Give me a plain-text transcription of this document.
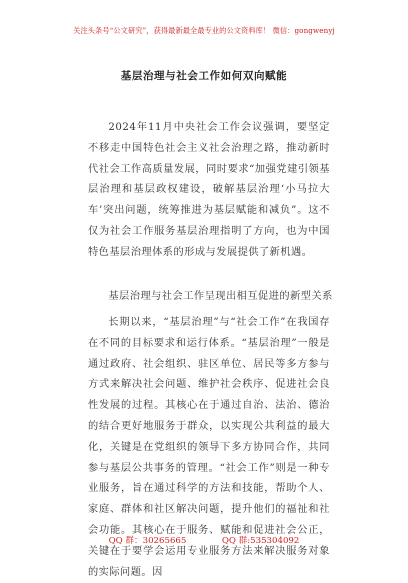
关注头条号“公文研究”，获得最新最全最专业的公文资料库！ 微信：gongwenyj
基层治理与社会工作如何双向赋能
2024年11月中央社会工作会议强调，要坚定不移走中国特色社会主义社会治理之路，推动新时代社会工作高质量发展，同时要求“加强党建引领基层治理和基层政权建设，破解基层治理‘小马拉大车’突出问题，统筹推进为基层赋能和减负”。这不仅为社会工作服务基层治理指明了方向，也为中国特色基层治理体系的形成与发展提供了新机遇。
基层治理与社会工作呈现出相互促进的新型关系
长期以来，“基层治理”与“社会工作”在我国存在不同的目标要求和运行体系。“基层治理”一般是通过政府、社会组织、驻区单位、居民等多方参与方式来解决社会问题、维护社会秩序、促进社会良性发展的过程。其核心在于通过自治、法治、德治的结合更好地服务于群众，以实现公共利益的最大化，关键是在党组织的领导下多方协同合作，共同参与基层公共事务的管理。“社会工作”则是一种专业服务，旨在通过科学的方法和技能，帮助个人、家庭、群体和社区解决问题，提升他们的福祉和社会功能。其核心在于服务、赋能和促进社会公正，关键在于要学会运用专业服务方法来解决服务对象的实际问题。因
QQ 群：30265665	QQ 群:535304092
